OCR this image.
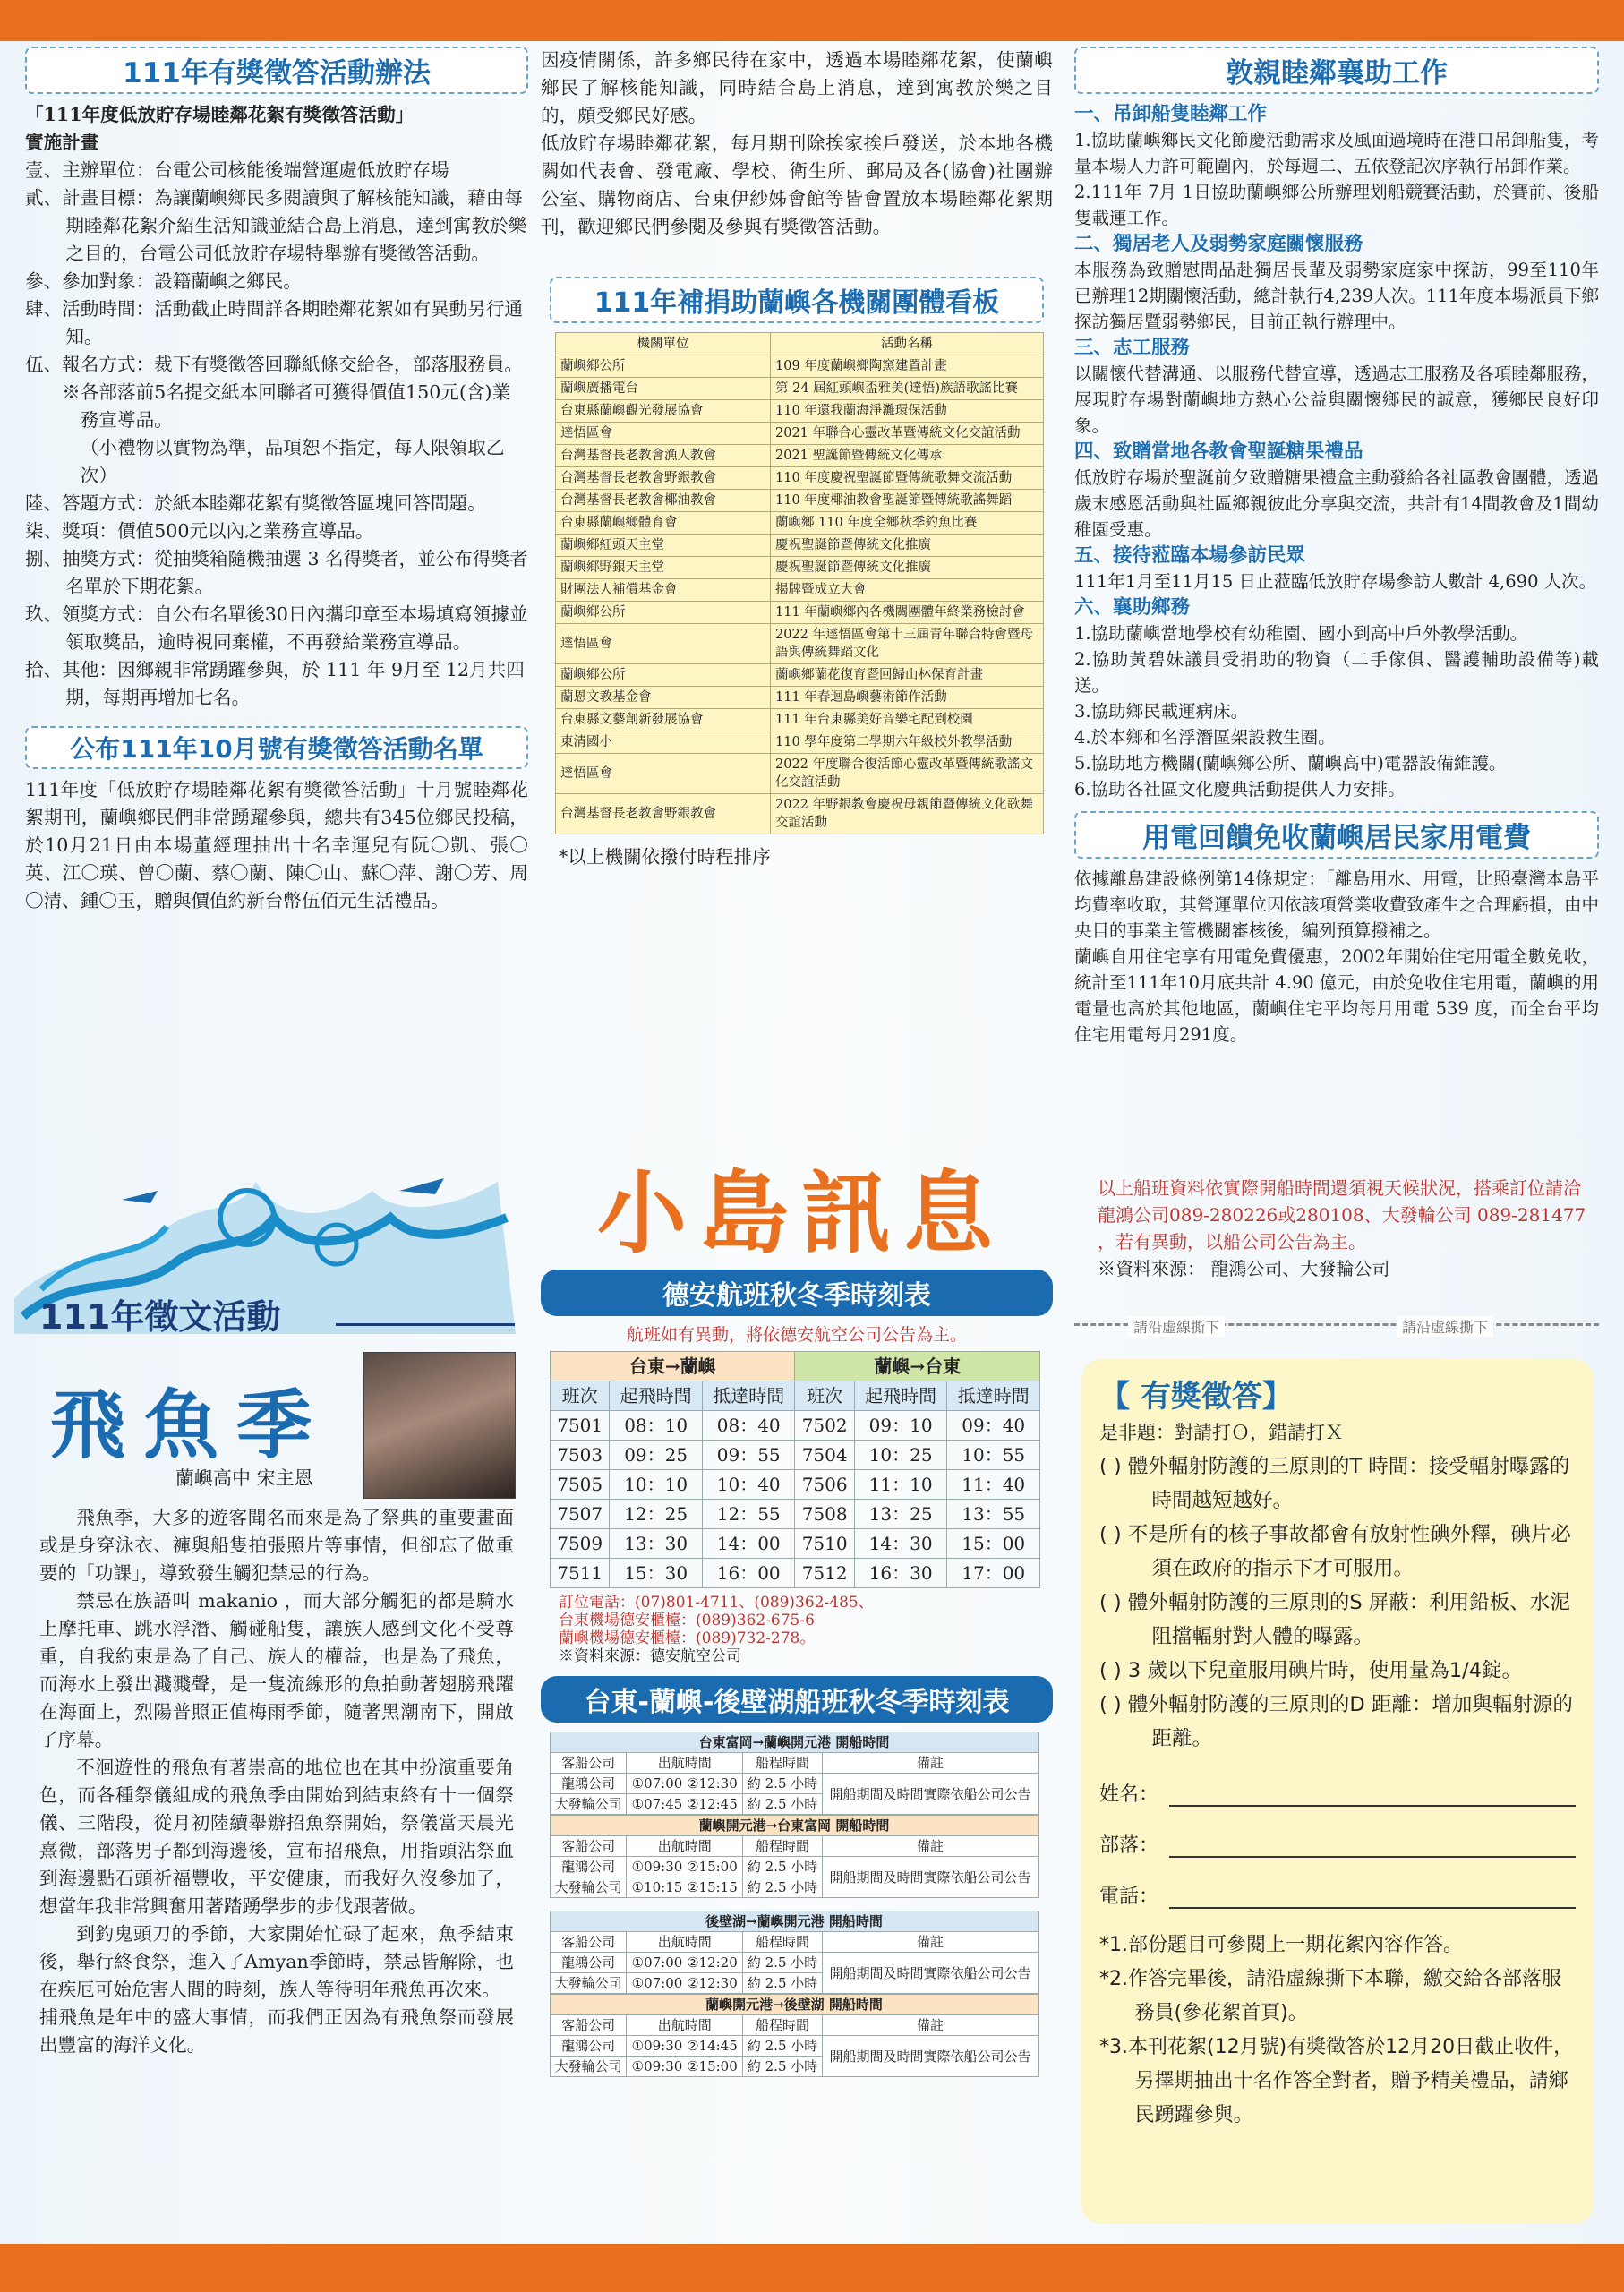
111年有獎徵答活動辦法
「111年度低放貯存場睦鄰花絮有獎徵答活動」
實施計畫
壹、主辦單位：台電公司核能後端營運處低放貯存場
貳、計畫目標：為讓蘭嶼鄉民多閱讀與了解核能知識，藉由每期睦鄰花絮介紹生活知識並結合島上消息，達到寓教於樂之目的，台電公司低放貯存場特舉辦有獎徵答活動。
參、參加對象：設籍蘭嶼之鄉民。
肆、活動時間：活動截止時間詳各期睦鄰花絮如有異動另行通知。
伍、報名方式：裁下有獎徵答回聯紙條交給各，部落服務員。
※各部落前5名提交紙本回聯者可獲得價值150元(含)業務宣導品。
（小禮物以實物為準，品項恕不指定，每人限領取乙次）
陸、答題方式：於紙本睦鄰花絮有獎徵答區塊回答問題。
柒、獎項：價值500元以內之業務宣導品。
捌、抽獎方式：從抽獎箱隨機抽選 3 名得獎者，並公布得獎者名單於下期花絮。
玖、領獎方式：自公布名單後30日內攜印章至本場填寫領據並領取獎品，逾時視同棄權，不再發給業務宣導品。
拾、其他：因鄉親非常踴躍參與，於 111 年 9月至 12月共四期，每期再增加七名。
公布111年10月號有獎徵答活動名單
111年度「低放貯存場睦鄰花絮有獎徵答活動」十月號睦鄰花絮期刊，蘭嶼鄉民們非常踴躍參與，總共有345位鄉民投稿，於10月21日由本場董經理抽出十名幸運兒有阮〇凱、張〇英、江〇瑛、曾〇蘭、蔡〇蘭、陳〇山、蘇〇萍、謝〇芳、周〇清、鍾〇玉，贈與價值約新台幣伍佰元生活禮品。
因疫情關係，許多鄉民待在家中，透過本場睦鄰花絮，使蘭嶼鄉民了解核能知識，同時結合島上消息，達到寓教於樂之目的，頗受鄉民好感。
低放貯存場睦鄰花絮，每月期刊除挨家挨戶發送，於本地各機關如代表會、發電廠、學校、衛生所、郵局及各(協會)社團辦公室、購物商店、台東伊紗姊會館等皆會置放本場睦鄰花絮期刊，歡迎鄉民們參閱及參與有獎徵答活動。
111年補捐助蘭嶼各機關團體看板
機關單位	活動名稱
蘭嶼鄉公所	109 年度蘭嶼鄉陶窯建置計畫
蘭嶼廣播電台	第 24 屆紅頭嶼盃雅美(達悟)族語歌謠比賽
台東縣蘭嶼觀光發展協會	110 年還我蘭海淨灘環保活動
達悟區會	2021 年聯合心靈改革暨傳統文化交誼活動
台灣基督長老教會漁人教會	2021 聖誕節暨傳統文化傳承
台灣基督長老教會野銀教會	110 年度慶祝聖誕節暨傳統歌舞交流活動
台灣基督長老教會椰油教會	110 年度椰油教會聖誕節暨傳統歌謠舞蹈
台東縣蘭嶼鄉體育會	蘭嶼鄉 110 年度全鄉秋季釣魚比賽
蘭嶼鄉紅頭天主堂	慶祝聖誕節暨傳統文化推廣
蘭嶼鄉野銀天主堂	慶祝聖誕節暨傳統文化推廣
財團法人補償基金會	揭牌暨成立大會
蘭嶼鄉公所	111 年蘭嶼鄉內各機關團體年終業務檢討會
達悟區會	2022 年達悟區會第十三屆青年聯合特會暨母語與傳統舞蹈文化
蘭嶼鄉公所	蘭嶼鄉蘭花復育暨回歸山林保育計畫
蘭恩文教基金會	111 年春迴島嶼藝術節作活動
台東縣文藝創新發展協會	111 年台東縣美好音樂宅配到校園
東清國小	110 學年度第二學期六年級校外教學活動
達悟區會	2022 年度聯合復活節心靈改革暨傳統歌謠文化交誼活動
台灣基督長老教會野銀教會	2022 年野銀教會慶祝母親節暨傳統文化歌舞交誼活動
*以上機關依撥付時程排序
敦親睦鄰襄助工作
一、吊卸船隻睦鄰工作
1.協助蘭嶼鄉民文化節慶活動需求及風面過境時在港口吊卸船隻，考量本場人力許可範圍內，於每週二、五依登記次序執行吊卸作業。
2.111年 7月 1日協助蘭嶼鄉公所辦理划船競賽活動，於賽前、後船隻載運工作。
二、獨居老人及弱勢家庭關懷服務
本服務為致贈慰問品赴獨居長輩及弱勢家庭家中探訪，99至110年已辦理12期關懷活動，總計執行4,239人次。111年度本場派員下鄉探訪獨居暨弱勢鄉民，目前正執行辦理中。
三、志工服務
以關懷代替溝通、以服務代替宣導，透過志工服務及各項睦鄰服務，展現貯存場對蘭嶼地方熱心公益與關懷鄉民的誠意，獲鄉民良好印象。
四、致贈當地各教會聖誕糖果禮品
低放貯存場於聖誕前夕致贈糖果禮盒主動發給各社區教會團體，透過歲末感恩活動與社區鄉親彼此分享與交流，共計有14間教會及1間幼稚園受惠。
五、接待蒞臨本場參訪民眾
111年1月至11月15 日止蒞臨低放貯存場參訪人數計 4,690 人次。
六、襄助鄉務
1.協助蘭嶼當地學校有幼稚園、國小到高中戶外教學活動。
2.協助黃碧妹議員受捐助的物資（二手傢俱、醫護輔助設備等)載送。
3.協助鄉民載運病床。
4.於本鄉和名浮潛區架設救生圈。
5.協助地方機關(蘭嶼鄉公所、蘭嶼高中)電器設備維護。
6.協助各社區文化慶典活動提供人力安排。
用電回饋免收蘭嶼居民家用電費
依據離島建設條例第14條規定：「離島用水、用電，比照臺灣本島平均費率收取，其營運單位因依該項營業收費致產生之合理虧損，由中央目的事業主管機關審核後，編列預算撥補之。
蘭嶼自用住宅享有用電免費優惠，2002年開始住宅用電全數免收，統計至111年10月底共計 4.90 億元，由於免收住宅用電，蘭嶼的用電量也高於其他地區，蘭嶼住宅平均每月用電 539 度，而全台平均住宅用電每月291度。
111年徵文活動
飛魚季
蘭嶼高中 宋主恩
飛魚季，大多的遊客聞名而來是為了祭典的重要畫面或是身穿泳衣、褲與船隻拍張照片等事情，但卻忘了做重要的「功課」，導致發生觸犯禁忌的行為。
禁忌在族語叫 makanio ，而大部分觸犯的都是騎水上摩托車、跳水浮潛、觸碰船隻，讓族人感到文化不受尊重，自我約束是為了自己、族人的權益，也是為了飛魚，而海水上發出濺濺聲，是一隻流線形的魚拍動著翅膀飛躍在海面上，烈陽普照正值梅雨季節，隨著黑潮南下，開啟了序幕。
不洄遊性的飛魚有著崇高的地位也在其中扮演重要角色，而各種祭儀組成的飛魚季由開始到結束終有十一個祭儀、三階段，從月初陸續舉辦招魚祭開始，祭儀當天晨光熹微，部落男子都到海邊後，宣布招飛魚，用指頭沾祭血到海邊點石頭祈福豐收，平安健康，而我好久沒參加了，想當年我非常興奮用著踏踴學步的步伐跟著做。
到釣鬼頭刀的季節，大家開始忙碌了起來，魚季結束後，舉行終食祭，進入了Amyan季節時，禁忌皆解除，也在疾厄可始危害人間的時刻，族人等待明年飛魚再次來。
捕飛魚是年中的盛大事情，而我們正因為有飛魚祭而發展出豐富的海洋文化。
小島訊息
德安航班秋冬季時刻表
航班如有異動，將依德安航空公司公告為主。
台東→蘭嶼			蘭嶼→台東		
班次	起飛時間	抵達時間	班次	起飛時間	抵達時間
7501	08：10	08：40	7502	09：10	09：40
7503	09：25	09：55	7504	10：25	10：55
7505	10：10	10：40	7506	11：10	11：40
7507	12：25	12：55	7508	13：25	13：55
7509	13：30	14：00	7510	14：30	15：00
7511	15：30	16：00	7512	16：30	17：00
訂位電話：(07)801-4711、(089)362-485、
台東機場德安櫃檯：(089)362-675-6
蘭嶼機場德安櫃檯：(089)732-278。
※資料來源：德安航空公司
台東-蘭嶼-後壁湖船班秋冬季時刻表
台東富岡→蘭嶼開元港 開船時間			
客船公司	出航時間	船程時間	備註
龍鴻公司	①07:00 ②12:30	約 2.5 小時	開船期間及時間實際依船公司公告
大發輪公司	①07:45 ②12:45	約 2.5 小時	
蘭嶼開元港→台東富岡 開船時間			
客船公司	出航時間	船程時間	備註
龍鴻公司	①09:30 ②15:00	約 2.5 小時	開船期間及時間實際依船公司公告
大發輪公司	①10:15 ②15:15	約 2.5 小時	
後壁湖→蘭嶼開元港 開船時間			
客船公司	出航時間	船程時間	備註
龍鴻公司	①07:00 ②12:20	約 2.5 小時	開船期間及時間實際依船公司公告
大發輪公司	①07:00 ②12:30	約 2.5 小時	
蘭嶼開元港→後壁湖 開船時間			
客船公司	出航時間	船程時間	備註
龍鴻公司	①09:30 ②14:45	約 2.5 小時	開船期間及時間實際依船公司公告
大發輪公司	①09:30 ②15:00	約 2.5 小時	
以上船班資料依實際開船時間還須視天候狀況，搭乘訂位請洽龍鴻公司089-280226或280108、大發輪公司 089-281477 ，若有異動，以船公司公告為主。
※資料來源： 龍鴻公司、大發輪公司
請沿虛線撕下	請沿虛線撕下
【 有獎徵答】
是非題：對請打Ｏ，錯請打Ｘ
( ) 體外輻射防護的三原則的T 時間：接受輻射曝露的時間越短越好。
( ) 不是所有的核子事故都會有放射性碘外釋，碘片必須在政府的指示下才可服用。
( ) 體外輻射防護的三原則的S 屏蔽：利用鉛板、水泥阻擋輻射對人體的曝露。
( ) 3 歲以下兒童服用碘片時，使用量為1/4錠。
( ) 體外輻射防護的三原則的D 距離：增加與輻射源的距離。
姓名：
部落：
電話：
*1.部份題目可參閱上一期花絮內容作答。
*2.作答完畢後，請沿虛線撕下本聯，繳交給各部落服務員(參花絮首頁)。
*3.本刊花絮(12月號)有獎徵答於12月20日截止收件，另擇期抽出十名作答全對者，贈予精美禮品，請鄉民踴躍參與。
